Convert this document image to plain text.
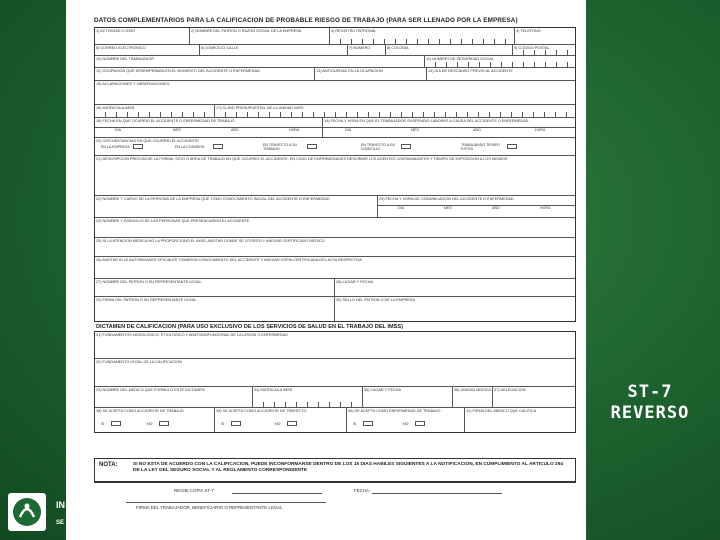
DATOS COMPLEMENTARIOS PARA LA CALIFICACION DE PROBABLE RIESGO DE TRABAJO (PARA SER LLENADO POR LA EMPRESA)
1) ACTIVIDAD O GIRO	2) NOMBRE DEL PATRON O RAZON SOCIAL DE LA EMPRESA	3) REGISTRO PATRONAL	4) TELEFONO
5) CORREO ELECTRONICO	6) DOMICILIO CALLE	7) NUMERO	8) COLONIA	9) CODIGO POSTAL
10) NOMBRE DEL TRABAJADOR	11) NUMERO DE SEGURIDAD SOCIAL
12) OCUPACION QUE DESEMPEÑABA EN EL MOMENTO DEL ACCIDENTE O ENFERMEDAD	13) ANTIGUEDAD EN LA OCUPACION	14) DIA DE DESCANSO PREVIO AL ACCIDENTE
15) ACLARACIONES Y OBSERVACIONES:
16) MATRICULA IMSS	17) CLAVE PRESUPUESTAL DE LA UNIDAD IMSS
18) FECHA EN QUE OCURRIO EL ACCIDENTE O ENFERMEDAD DE TRABAJO
DIA	MES	AÑO	HORA
19) FECHA Y HORA EN QUE EL TRABAJADOR SUSPENDIO LABORES A CAUSA DEL ACCIDENTE O ENFERMEDAD
DIA	MES	AÑO	HORA
20) CIRCUNSTANCIAS EN QUE OCURRIO EL ACCIDENTE
EN LA EMPRESA	EN LA COMISION	EN TRAYECTO A SU TRABAJO
EN TRAYECTO A SU DOMICILIO
TRABAJANDO TIEMPO EXTRA
21) DESCRIPCION PRECISA DE LA FORMA, SITIO O AREA DE TRABAJO EN QUE OCURRIO EL ACCIDENTE, EN CASO DE ENFERMEDADES DESCRIBIR LOS AGENTES CONTAMINANTES Y TIEMPO DE EXPOSICION A LOS MISMOS
22) NOMBRE Y CARGO DE LA PERSONA DE LA EMPRESA QUE TOMO CONOCIMIENTO INICIAL DEL ACCIDENTE O ENFERMEDAD	23) FECHA Y HORA DE COMUNICACION DEL ACCIDENTE O ENFERMEDAD
DIA	MES	AÑO	HORA
24) NOMBRE Y DOMICILIO DE LAS PERSONAS QUE PRESENCIARON EL ACCIDENTE
25) SI LA ATENCION MEDICA NO LA PROPORCIONO EL IMSS, ANOTAR DONDE SE OTORGO Y ANEXAR CERTIFICADO MEDICO
26) ANOTAR SI LE AUTORIDADES OFICIALES TOMARON CONOCIMIENTO DEL ACCIDENTE Y ANEXAR COPIA CERTIFICADA DEL ACTA RESPECTIVA
27) NOMBRE DEL PATRON O SU REPRESENTANTE LEGAL	28) LUGAR Y FECHA
29) FIRMA DEL PATRON O SU REPRESENTANTE LEGAL	30) SELLO DEL PATRON O DE LA EMPRESA
DICTAMEN DE CALIFICACION (PARA USO EXCLUSIVO DE LOS SERVICIOS DE SALUD EN EL TRABAJO DEL IMSS)
31) FUNDAMENTOS NOSOLOGICO, ETIOLOGICO Y ANATOMOFUNCIONAL DE LA LESION O ENFERMEDAD
32) FUNDAMENTO LEGAL DE LA CALIFICACION
33) NOMBRE DEL MEDICO QUE FORMULO ESTE DICTAMEN	34) MATRICULA IMSS	35) LUGAR Y FECHA	36) UNIDAD MEDICA 37) DELEGACION
38) SE ACEPTA COMO ACCIDENTE DE TRABAJO
SI	NO
39) SE ACEPTA COMO ACCIDENTE DE TRAYECTO
SI	NO
40) SE ACEPTA COMO ENFERMEDAD DE TRABAJO
SI	NO
41) FIRMA DEL MEDICO QUE CALIFICA
NOTA:	SI NO ESTA DE ACUERDO CON LA CALIFICACION, PUEDE INCONFORMARSE DENTRO DE LOS 15 DIAS HABILES SIGUIENTES A LA NOTIFICACION, EN CUMPLIMIENTO AL ARTICULO 294 DE LA LEY DEL SEGURO SOCIAL Y AL REGLAMENTO CORRESPONDIENTE
RECIBI COPIA ST-7	FECHA:
FIRMA DEL TRABAJADOR, BENEFICIARIO O REPRESENTANTE LEGAL
IN
SE
ST-7
REVERSO
